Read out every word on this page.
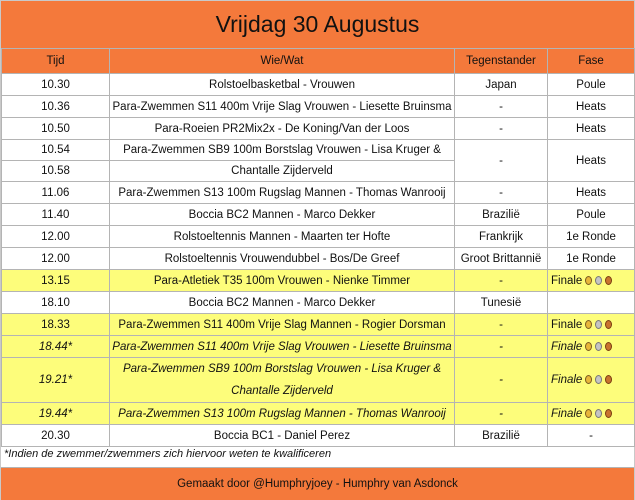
Vrijdag 30 Augustus
Tijd	Wie/Wat	Tegenstander	Fase
10.30	Rolstoelbasketbal - Vrouwen	Japan	Poule
10.36	Para-Zwemmen S11 400m Vrije Slag Vrouwen - Liesette Bruinsma	-	Heats
10.50	Para-Roeien PR2Mix2x - De Koning/Van der Loos	-	Heats
10.54	Para-Zwemmen SB9 100m Borstslag Vrouwen - Lisa Kruger &	-	Heats
10.58	Chantalle Zijderveld		
11.06	Para-Zwemmen S13 100m Rugslag Mannen - Thomas Wanrooij	-	Heats
11.40	Boccia BC2 Mannen - Marco Dekker	Brazilië	Poule
12.00	Rolstoeltennis Mannen - Maarten ter Hofte	Frankrijk	1e Ronde
12.00	Rolstoeltennis Vrouwendubbel - Bos/De Greef	Groot Brittannië	1e Ronde
13.15	Para-Atletiek T35 100m Vrouwen - Nienke Timmer	-	Finale
18.10	Boccia BC2 Mannen - Marco Dekker	Tunesië	
18.33	Para-Zwemmen S11 400m Vrije Slag Mannen - Rogier Dorsman	-	Finale
18.44*	Para-Zwemmen S11 400m Vrije Slag Vrouwen - Liesette Bruinsma	-	Finale
19.21*	Para-Zwemmen SB9 100m Borstslag Vrouwen - Lisa Kruger &
Chantalle Zijderveld	-	Finale
19.44*	Para-Zwemmen S13 100m Rugslag Mannen - Thomas Wanrooij	-	Finale
20.30	Boccia BC1 - Daniel Perez	Brazilië	-
*Indien de zwemmer/zwemmers zich hiervoor weten te kwalificeren
Gemaakt door @Humphryjoey - Humphry van Asdonck
